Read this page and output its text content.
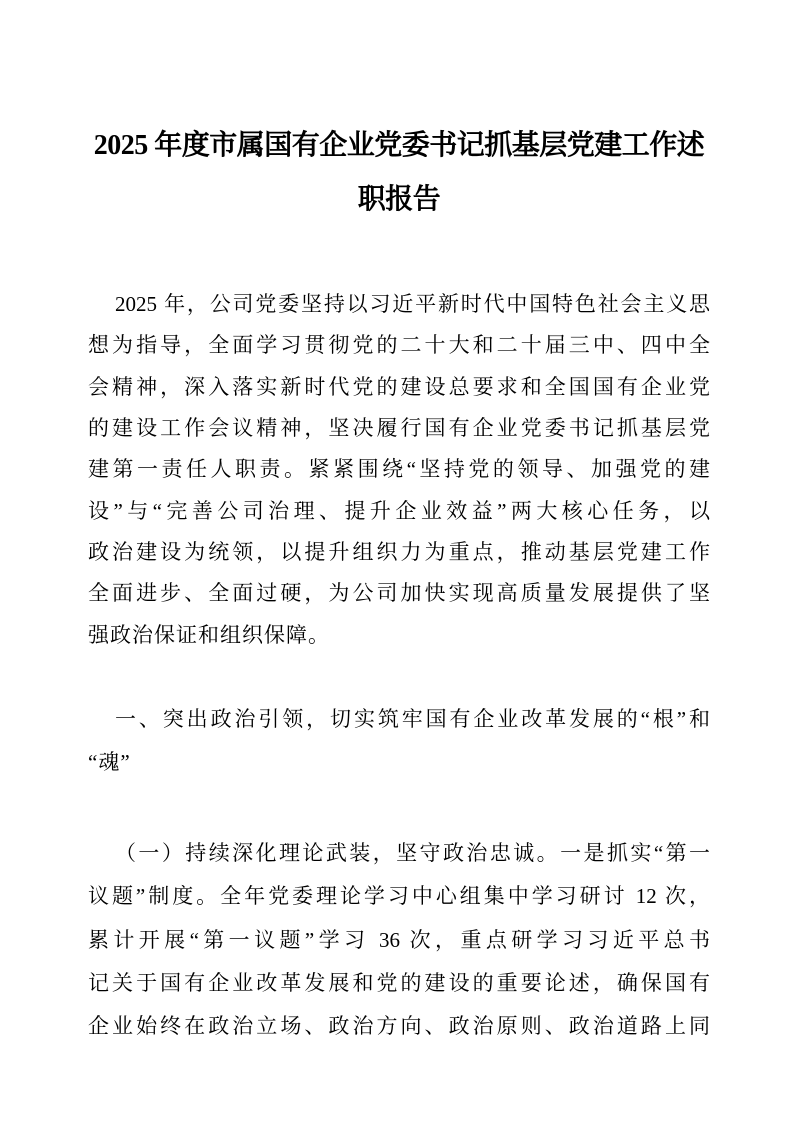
2025 年度市属国有企业党委书记抓基层党建工作述
职报告
2025 年，公司党委坚持以习近平新时代中国特色社会主义思
想为指导，全面学习贯彻党的二十大和二十届三中、四中全
会精神，深入落实新时代党的建设总要求和全国国有企业党
的建设工作会议精神，坚决履行国有企业党委书记抓基层党
建第一责任人职责。紧紧围绕“坚持党的领导、加强党的建
设”与“完善公司治理、提升企业效益”两大核心任务，以
政治建设为统领，以提升组织力为重点，推动基层党建工作
全面进步、全面过硬，为公司加快实现高质量发展提供了坚
强政治保证和组织保障。
一、突出政治引领，切实筑牢国有企业改革发展的“根”和
“魂”
（一）持续深化理论武装，坚守政治忠诚。一是抓实“第一
议题”制度。全年党委理论学习中心组集中学习研讨 12 次，
累计开展“第一议题”学习 36 次，重点研学习习近平总书
记关于国有企业改革发展和党的建设的重要论述，确保国有
企业始终在政治立场、政治方向、政治原则、政治道路上同
